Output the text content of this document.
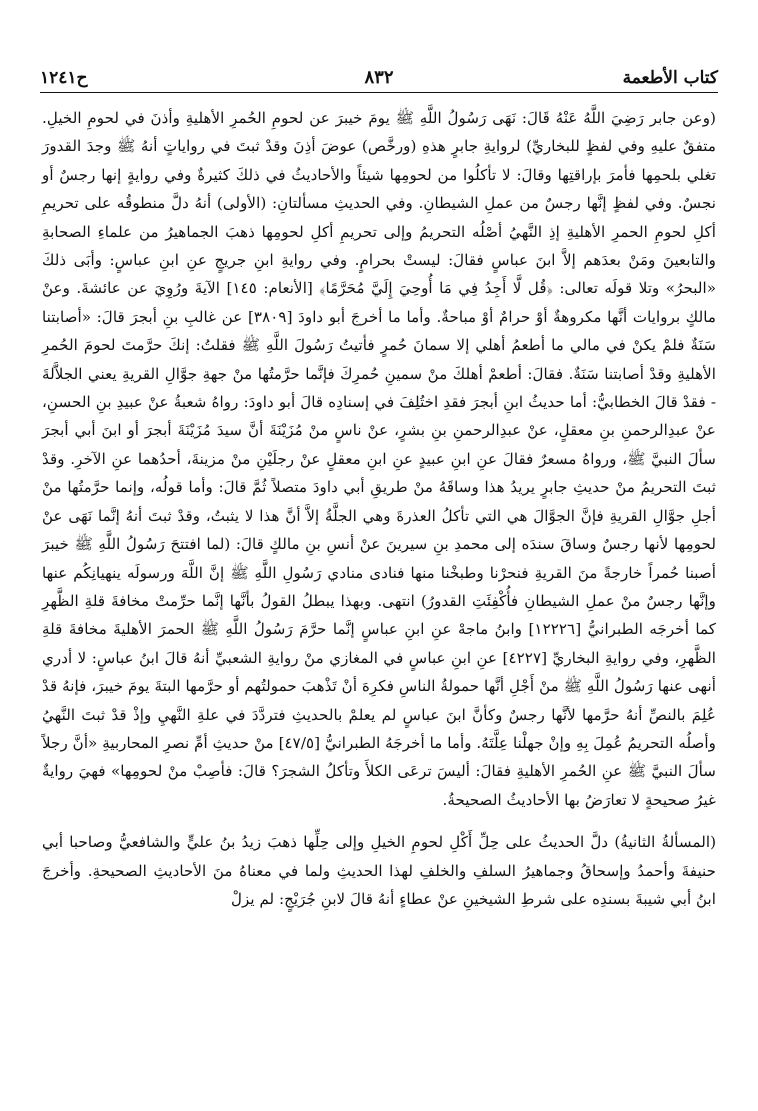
كتاب الأطعمة
٨٣٢
ح١٢٤١

(وعن جابر رَضِيَ اللَّهُ عَنْهُ قَالَ: نَهَى رَسُولُ اللَّهِ ﷺ يومَ خيبرَ عن لحومِ الحُمرِ الأهليةِ وأذنَ في لحومِ الخيلِ. متفقٌ عليهِ وفي لفظٍ للبخاريِّ) لروايةِ جابرٍ هذهِ (ورخَّص) عوضَ أذِنَ وقدْ ثبتَ في رواياتٍ أنهُ ﷺ وجدَ القدورَ تغلي بلحمِها فأمرَ بإراقتِها وقالَ: لا تأكلُوا من لحومِها شيئاً والأحاديثُ في ذلكَ كثيرةٌ وفي روايةٍ إنها رجسٌ أو نجسٌ. وفي لفظٍ إنَّها رجسٌ من عملِ الشيطانِ. وفي الحديثِ مسألتانِ: (الأولى) أنهُ دلَّ منطوقُه على تحريمِ أكلِ لحومِ الحمرِ الأهليةِ إذِ النَّهيُ أصْلُه التحريمُ وإلى تحريمِ أكلِ لحومِها ذهبَ الجماهيرُ من علماءِ الصحابةِ والتابعينَ ومَنْ بعدَهم إلاَّ ابنَ عباسٍ فقالَ: ليستْ بحرامٍ. وفي روايةِ ابنِ جريجٍ عنِ ابنِ عباسٍ: وأبَى ذلكَ «البحرُ» وتلا قولَه تعالى: ﴿قُل لَّا أَجِدُ فِي مَا أُوحِيَ إِلَيَّ مُحَرَّمًا﴾ [الأنعام: ١٤٥] الآيةَ ورُوِيَ عن عائشةَ. وعنْ مالكٍ بروايات أنَّها مكروهةٌ أوْ حرامٌ أوْ مباحةٌ. وأما ما أخرجَ أبو داودَ [٣٨٠٩] عن غالبِ بنِ أبجرَ قالَ: «أصابتنا سَنَةٌ فلمْ يكنْ في مالي ما أطعمُ أهلي إلا سمانَ حُمرٍ فأتيتُ رَسُولَ اللَّهِ ﷺ فقلتُ: إنكَ حرَّمتَ لحومَ الحُمرِ الأهليةِ وقدْ أصابتنا سَنَةٌ. فقالَ: أطعمْ أهلكَ منْ سمينِ حُمرِكَ فإنَّما حرَّمتُها منْ جهةِ جوَّالِ القريةِ يعني الجلاَّلةَ - فقدْ قالَ الخطابيُّ: أما حديثُ ابنِ أبجرَ فقدِ اختُلِفَ في إسنادِه قالَ أبو داودَ: رواهُ شعبةُ عنْ عبيدِ بنِ الحسنِ، عنْ عبدِالرحمنِ بنِ معقلٍ، عنْ عبدِالرحمنِ بنِ بشرٍ، عنْ ناسٍ منْ مُزَيْنَةَ أنَّ سيدَ مُزَيْنَةَ أبجرَ أو ابنَ أبي أبجرَ سألَ النبيَّ ﷺ، ورواهُ مسعرٌ فقالَ عنِ ابنِ عبيدٍ عنِ ابنِ معقلٍ عنْ رجلَيْنِ منْ مزينةَ، أحدُهما عنِ الآخرِ. وقدْ ثبتَ التحريمُ منْ حديثِ جابرٍ يريدُ هذا وساقَهُ منْ طريقِ أبي داودَ متصلاً ثُمَّ قالَ: وأما قولُه، وإنما حرَّمتُها منْ أجلِ جوَّالِ القريةِ فإنَّ الجوَّالَ هي التي تأكلُ العذرةَ وهي الجلَّةُ إلاَّ أنَّ هذا لا يثبتُ، وقدْ ثبتَ أنهُ إنَّما نَهَى عنْ لحومِها لأنها رجسٌ وساقَ سندَه إلى محمدِ بنِ سيرينَ عنْ أنسِ بنِ مالكٍ قالَ: (لما افتتحَ رَسُولُ اللَّهِ ﷺ خيبرَ أصبنا حُمراً خارجةً منَ القريةِ فنحرْنا وطبخْنا منها فنادى منادي رَسُولِ اللَّهِ ﷺ إنَّ اللَّهَ ورسولَه ينهيانِكُم عنها وإنَّها رجسٌ منْ عملِ الشيطانِ فأُكْفِئَتِ القدورُ) انتهى. وبهذا يبطلُ القولُ بأنَّها إنَّما حرِّمتْ مخافةَ قلةِ الظَّهرِ كما أخرجَه الطبرانيُّ [١٢٢٢٦] وابنُ ماجهْ عنِ ابنِ عباسٍ إنَّما حرَّمَ رَسُولُ اللَّهِ ﷺ الحمرَ الأهليةَ مخافةَ قلةِ الظَّهرِ، وفي روايةِ البخاريِّ [٤٢٢٧] عنِ ابنِ عباسٍ في المغازي منْ روايةِ الشعبيِّ أنهُ قالَ ابنُ عباسٍ: لا أدري أنهى عنها رَسُولُ اللَّهِ ﷺ منْ أَجْلِ أنَّها حمولةُ الناسِ فكرِهَ أنْ تَذْهبَ حمولتُهم أو حرَّمها البتةَ يومَ خيبرَ، فإنهُ قدْ عُلِمَ بالنصِّ أنهُ حرَّمها لأنَّها رجسٌ وكأنَّ ابنَ عباسٍ لم يعلمْ بالحديثِ فتردَّدَ في علةِ النَّهيِ وإذْ قدْ ثبتَ النَّهيُ وأصلُه التحريمُ عُمِلَ بِهِ وإنْ جهلْنا عِلَّتَهُ. وأما ما أخرجَهُ الطبرانيُّ [٤٧/٥] منْ حديثِ أمِّ نصرِ المحاربيةِ «أنَّ رجلاً سألَ النبيَّ ﷺ عنِ الحُمرِ الأهليةِ فقالَ: أليسَ ترعَى الكلأَ وتأكلُ الشجرَ؟ قالَ: فأصِبْ منْ لحومِها» فهيَ روايةٌ غيرُ صحيحةٍ لا تعارَضُ بها الأحاديثُ الصحيحةُ.

(المسألةُ الثانيةُ) دلَّ الحديثُ على حِلِّ أَكْلِ لحومِ الخيلِ وإلى حِلِّها ذهبَ زيدُ بنُ عليٍّ والشافعيُّ وصاحبا أبي حنيفةَ وأحمدُ وإسحاقُ وجماهيرُ السلفِ والخلفِ لهذا الحديثِ ولما في معناهُ منَ الأحاديثِ الصحيحةِ. وأخرجَ ابنُ أبي شيبةَ بسندِه على شرطِ الشيخينِ عنْ عطاءٍ أنهُ قالَ لابنِ جُرَيْجٍ: لم يزلْ
